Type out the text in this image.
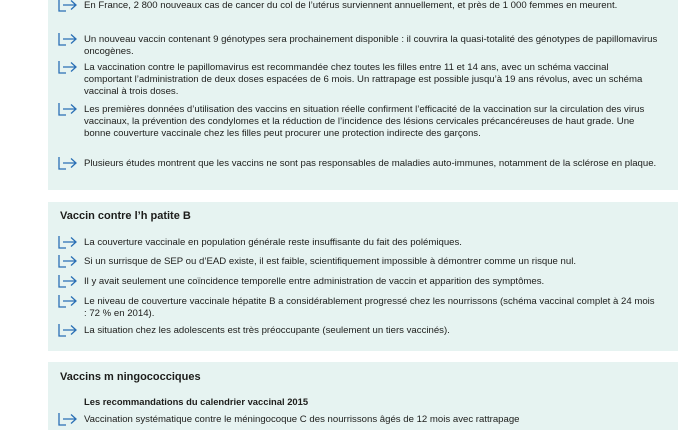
En France, 2 800 nouveaux cas de cancer du col de l’utérus surviennent annuellement, et près de 1 000 femmes en meurent.
Un nouveau vaccin contenant 9 génotypes sera prochainement disponible : il couvrira la quasi-totalité des génotypes de papillomavirus oncogènes.
La vaccination contre le papillomavirus est recommandée chez toutes les filles entre 11 et 14 ans, avec un schéma vaccinal comportant l’administration de deux doses espacées de 6 mois. Un rattrapage est possible jusqu’à 19 ans révolus, avec un schéma vaccinal à trois doses.
Les premières données d’utilisation des vaccins en situation réelle confirment l’efficacité de la vaccination sur la circulation des virus vaccinaux, la prévention des condylomes et la réduction de l’incidence des lésions cervicales précancéreuses de haut grade. Une bonne couverture vaccinale chez les filles peut procurer une protection indirecte des garçons.
Plusieurs études montrent que les vaccins ne sont pas responsables de maladies auto-immunes, notamment de la sclérose en plaque.
Vaccin contre l’h patite B
La couverture vaccinale en population générale reste insuffisante du fait des polémiques.
Si un surrisque de SEP ou d’EAD existe, il est faible, scientifiquement impossible à démontrer comme un risque nul.
Il y avait seulement une coïncidence temporelle entre administration de vaccin et apparition des symptômes.
Le niveau de couverture vaccinale hépatite B a considérablement progressé chez les nourrissons (schéma vaccinal complet à 24 mois : 72 % en 2014).
La situation chez les adolescents est très préoccupante (seulement un tiers vaccinés).
Vaccins m ningococciques
Les recommandations du calendrier vaccinal 2015
Vaccination systématique contre le méningocoque C des nourrissons âgés de 12 mois avec rattrapage
